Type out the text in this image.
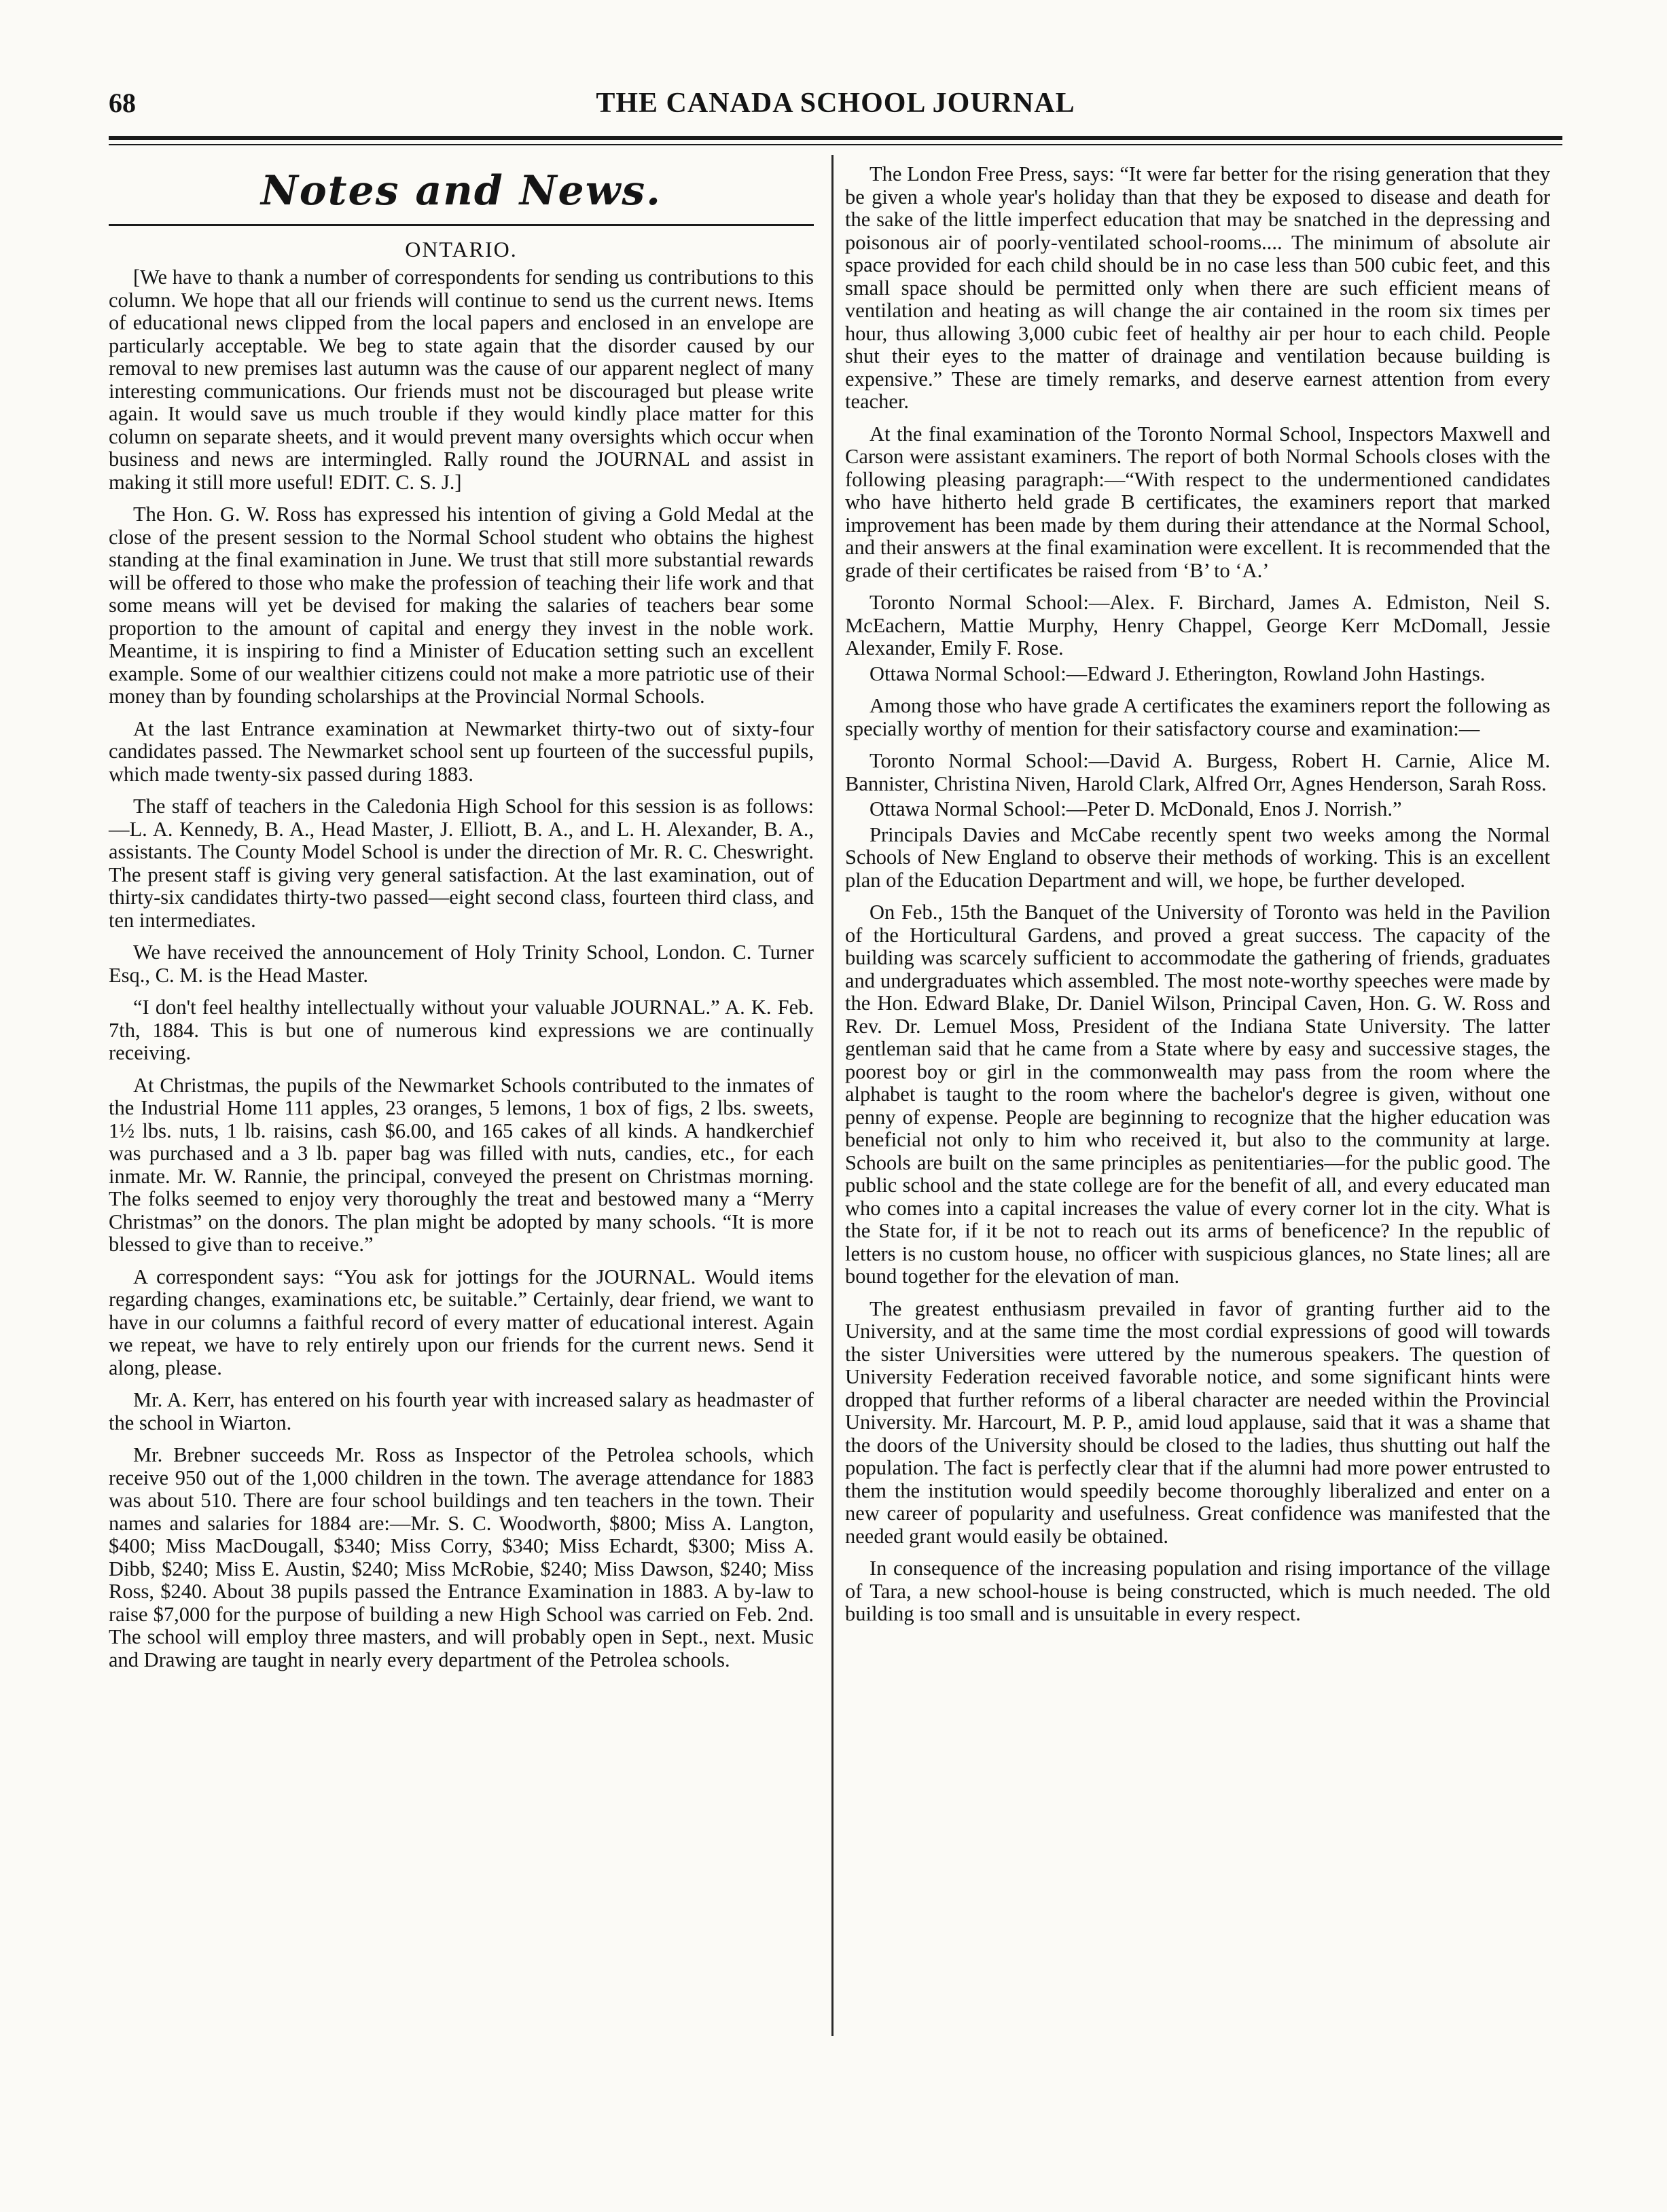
68	THE CANADA SCHOOL JOURNAL
Notes and News.
ONTARIO.

[We have to thank a number of correspondents for sending us contributions to this column. We hope that all our friends will continue to send us the current news. Items of educational news clipped from the local papers and enclosed in an envelope are particularly acceptable. We beg to state again that the disorder caused by our removal to new premises last autumn was the cause of our apparent neglect of many interesting communications. Our friends must not be discouraged but please write again. It would save us much trouble if they would kindly place matter for this column on separate sheets, and it would prevent many oversights which occur when business and news are intermingled. Rally round the JOURNAL and assist in making it still more useful! EDIT. C. S. J.]

The Hon. G. W. Ross has expressed his intention of giving a Gold Medal at the close of the present session to the Normal School student who obtains the highest standing at the final examination in June. We trust that still more substantial rewards will be offered to those who make the profession of teaching their life work and that some means will yet be devised for making the salaries of teachers bear some proportion to the amount of capital and energy they invest in the noble work. Meantime, it is inspiring to find a Minister of Education setting such an excellent example. Some of our wealthier citizens could not make a more patriotic use of their money than by founding scholarships at the Provincial Normal Schools.

At the last Entrance examination at Newmarket thirty-two out of sixty-four candidates passed. The Newmarket school sent up fourteen of the successful pupils, which made twenty-six passed during 1883.

The staff of teachers in the Caledonia High School for this session is as follows:—L. A. Kennedy, B. A., Head Master, J. Elliott, B. A., and L. H. Alexander, B. A., assistants. The County Model School is under the direction of Mr. R. C. Cheswright. The present staff is giving very general satisfaction. At the last examination, out of thirty-six candidates thirty-two passed—eight second class, fourteen third class, and ten intermediates.

We have received the announcement of Holy Trinity School, London. C. Turner Esq., C. M. is the Head Master.

“I don't feel healthy intellectually without your valuable JOURNAL.” A. K. Feb. 7th, 1884. This is but one of numerous kind expressions we are continually receiving.

At Christmas, the pupils of the Newmarket Schools contributed to the inmates of the Industrial Home 111 apples, 23 oranges, 5 lemons, 1 box of figs, 2 lbs. sweets, 1½ lbs. nuts, 1 lb. raisins, cash $6.00, and 165 cakes of all kinds. A handkerchief was purchased and a 3 lb. paper bag was filled with nuts, candies, etc., for each inmate. Mr. W. Rannie, the principal, conveyed the present on Christmas morning. The folks seemed to enjoy very thoroughly the treat and bestowed many a “Merry Christmas” on the donors. The plan might be adopted by many schools. “It is more blessed to give than to receive.”

A correspondent says: “You ask for jottings for the JOURNAL. Would items regarding changes, examinations etc, be suitable.” Certainly, dear friend, we want to have in our columns a faithful record of every matter of educational interest. Again we repeat, we have to rely entirely upon our friends for the current news. Send it along, please.

Mr. A. Kerr, has entered on his fourth year with increased salary as headmaster of the school in Wiarton.

Mr. Brebner succeeds Mr. Ross as Inspector of the Petrolea schools, which receive 950 out of the 1,000 children in the town. The average attendance for 1883 was about 510. There are four school buildings and ten teachers in the town. Their names and salaries for 1884 are:—Mr. S. C. Woodworth, $800; Miss A. Langton, $400; Miss MacDougall, $340; Miss Corry, $340; Miss Echardt, $300; Miss A. Dibb, $240; Miss E. Austin, $240; Miss McRobie, $240; Miss Dawson, $240; Miss Ross, $240. About 38 pupils passed the Entrance Examination in 1883. A by-law to raise $7,000 for the purpose of building a new High School was carried on Feb. 2nd. The school will employ three masters, and will probably open in Sept., next. Music and Drawing are taught in nearly every department of the Petrolea schools.

The London Free Press, says: “It were far better for the rising generation that they be given a whole year's holiday than that they be exposed to disease and death for the sake of the little imperfect education that may be snatched in the depressing and poisonous air of poorly-ventilated school-rooms.... The minimum of absolute air space provided for each child should be in no case less than 500 cubic feet, and this small space should be permitted only when there are such efficient means of ventilation and heating as will change the air contained in the room six times per hour, thus allowing 3,000 cubic feet of healthy air per hour to each child. People shut their eyes to the matter of drainage and ventilation because building is expensive.” These are timely remarks, and deserve earnest attention from every teacher.

At the final examination of the Toronto Normal School, Inspectors Maxwell and Carson were assistant examiners. The report of both Normal Schools closes with the following pleasing paragraph:—“With respect to the undermentioned candidates who have hitherto held grade B certificates, the examiners report that marked improvement has been made by them during their attendance at the Normal School, and their answers at the final examination were excellent. It is recommended that the grade of their certificates be raised from ‘B’ to ‘A.’

Toronto Normal School:—Alex. F. Birchard, James A. Edmiston, Neil S. McEachern, Mattie Murphy, Henry Chappel, George Kerr McDomall, Jessie Alexander, Emily F. Rose.

Ottawa Normal School:—Edward J. Etherington, Rowland John Hastings.

Among those who have grade A certificates the examiners report the following as specially worthy of mention for their satisfactory course and examination:—

Toronto Normal School:—David A. Burgess, Robert H. Carnie, Alice M. Bannister, Christina Niven, Harold Clark, Alfred Orr, Agnes Henderson, Sarah Ross.

Ottawa Normal School:—Peter D. McDonald, Enos J. Norrish.”

Principals Davies and McCabe recently spent two weeks among the Normal Schools of New England to observe their methods of working. This is an excellent plan of the Education Department and will, we hope, be further developed.

On Feb., 15th the Banquet of the University of Toronto was held in the Pavilion of the Horticultural Gardens, and proved a great success. The capacity of the building was scarcely sufficient to accommodate the gathering of friends, graduates and undergraduates which assembled. The most note-worthy speeches were made by the Hon. Edward Blake, Dr. Daniel Wilson, Principal Caven, Hon. G. W. Ross and Rev. Dr. Lemuel Moss, President of the Indiana State University. The latter gentleman said that he came from a State where by easy and successive stages, the poorest boy or girl in the commonwealth may pass from the room where the alphabet is taught to the room where the bachelor's degree is given, without one penny of expense. People are beginning to recognize that the higher education was beneficial not only to him who received it, but also to the community at large. Schools are built on the same principles as penitentiaries—for the public good. The public school and the state college are for the benefit of all, and every educated man who comes into a capital increases the value of every corner lot in the city. What is the State for, if it be not to reach out its arms of beneficence? In the republic of letters is no custom house, no officer with suspicious glances, no State lines; all are bound together for the elevation of man.

The greatest enthusiasm prevailed in favor of granting further aid to the University, and at the same time the most cordial expressions of good will towards the sister Universities were uttered by the numerous speakers. The question of University Federation received favorable notice, and some significant hints were dropped that further reforms of a liberal character are needed within the Provincial University. Mr. Harcourt, M. P. P., amid loud applause, said that it was a shame that the doors of the University should be closed to the ladies, thus shutting out half the population. The fact is perfectly clear that if the alumni had more power entrusted to them the institution would speedily become thoroughly liberalized and enter on a new career of popularity and usefulness. Great confidence was manifested that the needed grant would easily be obtained.

In consequence of the increasing population and rising importance of the village of Tara, a new school-house is being constructed, which is much needed. The old building is too small and is unsuitable in every respect.
